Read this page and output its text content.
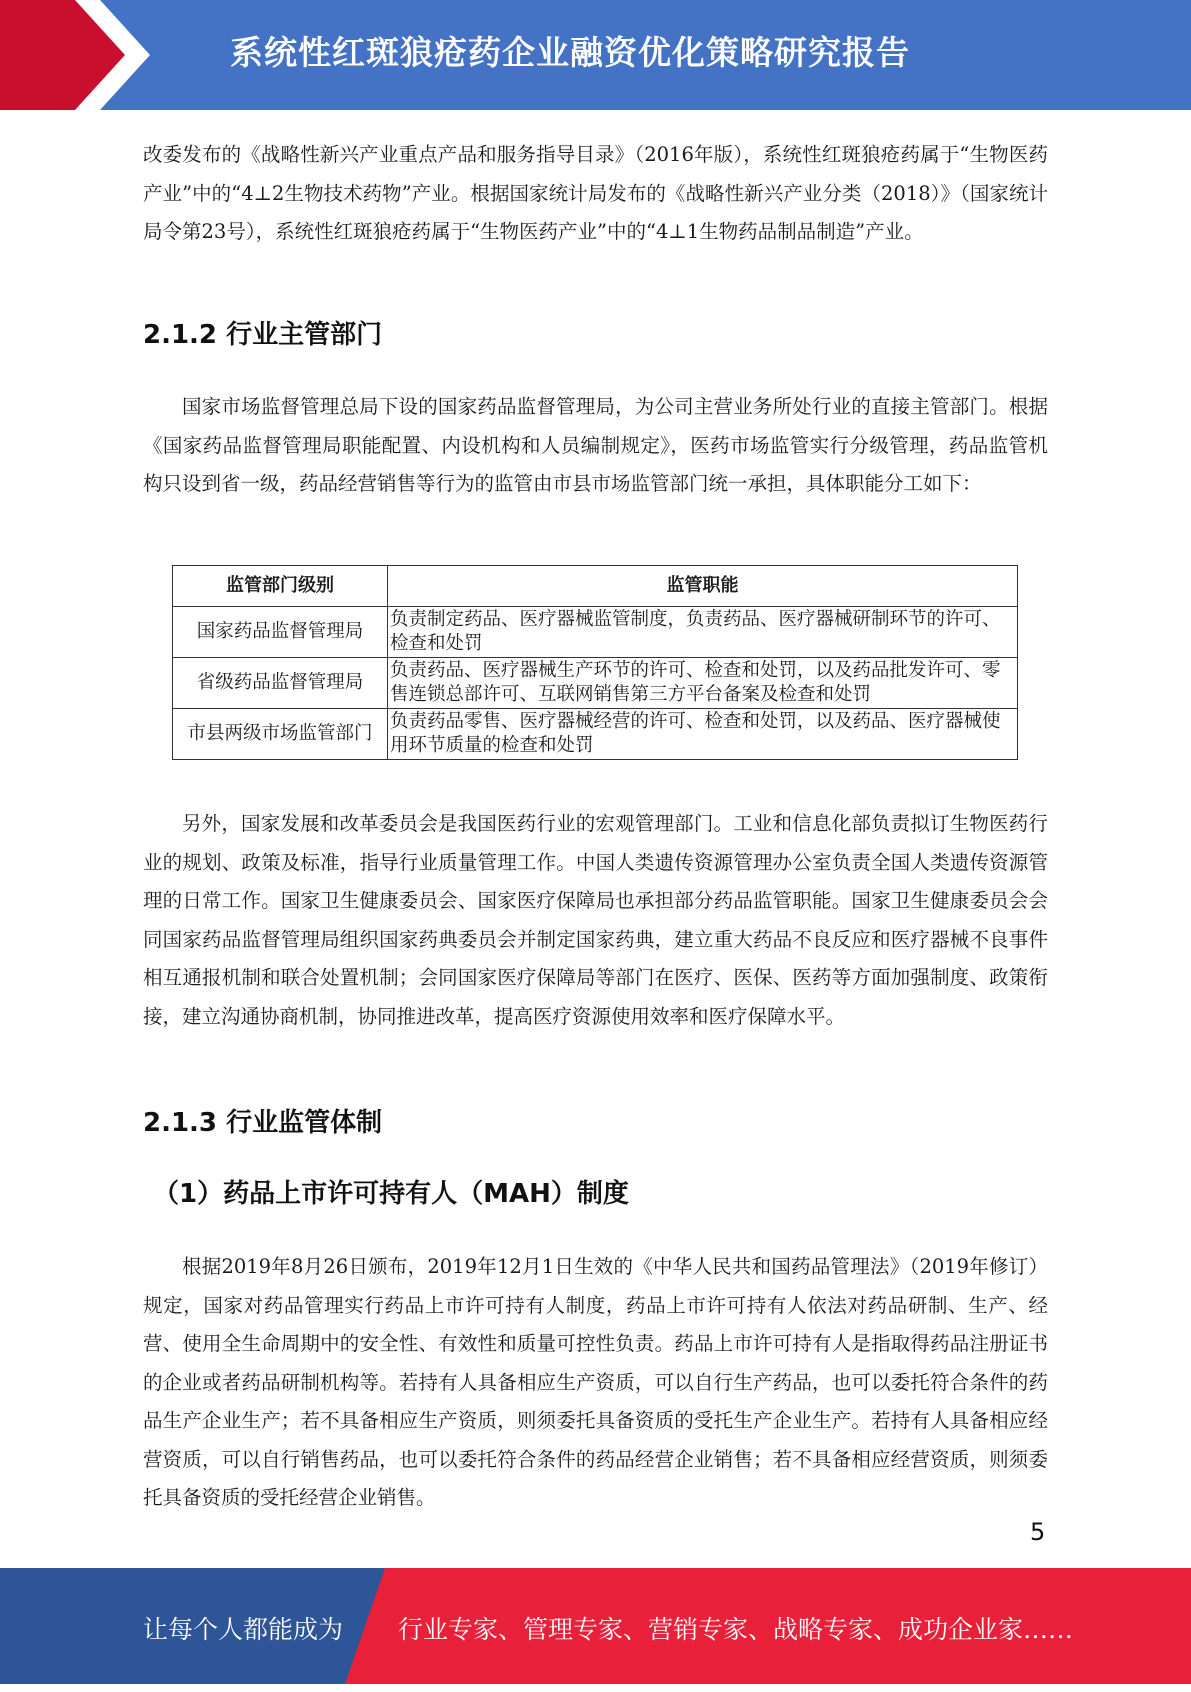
系统性红斑狼疮药企业融资优化策略研究报告

改委发布的《战略性新兴产业重点产品和服务指导目录》（2016年版），系统性红斑狼疮药属于“生物医药产业”中的“4⊥2生物技术药物”产业。根据国家统计局发布的《战略性新兴产业分类（2018）》（国家统计局令第23号），系统性红斑狼疮药属于“生物医药产业”中的“4⊥1生物药品制品制造”产业。

2.1.2 行业主管部门

国家市场监督管理总局下设的国家药品监督管理局，为公司主营业务所处行业的直接主管部门。根据《国家药品监督管理局职能配置、内设机构和人员编制规定》，医药市场监管实行分级管理，药品监管机构只设到省一级，药品经营销售等行为的监管由市县市场监管部门统一承担，具体职能分工如下：

监管部门级别	监管职能
国家药品监督管理局	负责制定药品、医疗器械监管制度，负责药品、医疗器械研制环节的许可、检查和处罚
省级药品监督管理局	负责药品、医疗器械生产环节的许可、检查和处罚，以及药品批发许可、零售连锁总部许可、互联网销售第三方平台备案及检查和处罚
市县两级市场监管部门	负责药品零售、医疗器械经营的许可、检查和处罚，以及药品、医疗器械使用环节质量的检查和处罚

另外，国家发展和改革委员会是我国医药行业的宏观管理部门。工业和信息化部负责拟订生物医药行业的规划、政策及标准，指导行业质量管理工作。中国人类遗传资源管理办公室负责全国人类遗传资源管理的日常工作。国家卫生健康委员会、国家医疗保障局也承担部分药品监管职能。国家卫生健康委员会会同国家药品监督管理局组织国家药典委员会并制定国家药典，建立重大药品不良反应和医疗器械不良事件相互通报机制和联合处置机制；会同国家医疗保障局等部门在医疗、医保、医药等方面加强制度、政策衔接，建立沟通协商机制，协同推进改革，提高医疗资源使用效率和医疗保障水平。

2.1.3 行业监管体制
（1）药品上市许可持有人（MAH）制度

根据2019年8月26日颁布，2019年12月1日生效的《中华人民共和国药品管理法》（2019年修订）规定，国家对药品管理实行药品上市许可持有人制度，药品上市许可持有人依法对药品研制、生产、经营、使用全生命周期中的安全性、有效性和质量可控性负责。药品上市许可持有人是指取得药品注册证书的企业或者药品研制机构等。若持有人具备相应生产资质，可以自行生产药品，也可以委托符合条件的药品生产企业生产；若不具备相应生产资质，则须委托具备资质的受托生产企业生产。若持有人具备相应经营资质，可以自行销售药品，也可以委托符合条件的药品经营企业销售；若不具备相应经营资质，则须委托具备资质的受托经营企业销售。

5
让每个人都能成为 行业专家、管理专家、营销专家、战略专家、成功企业家……
